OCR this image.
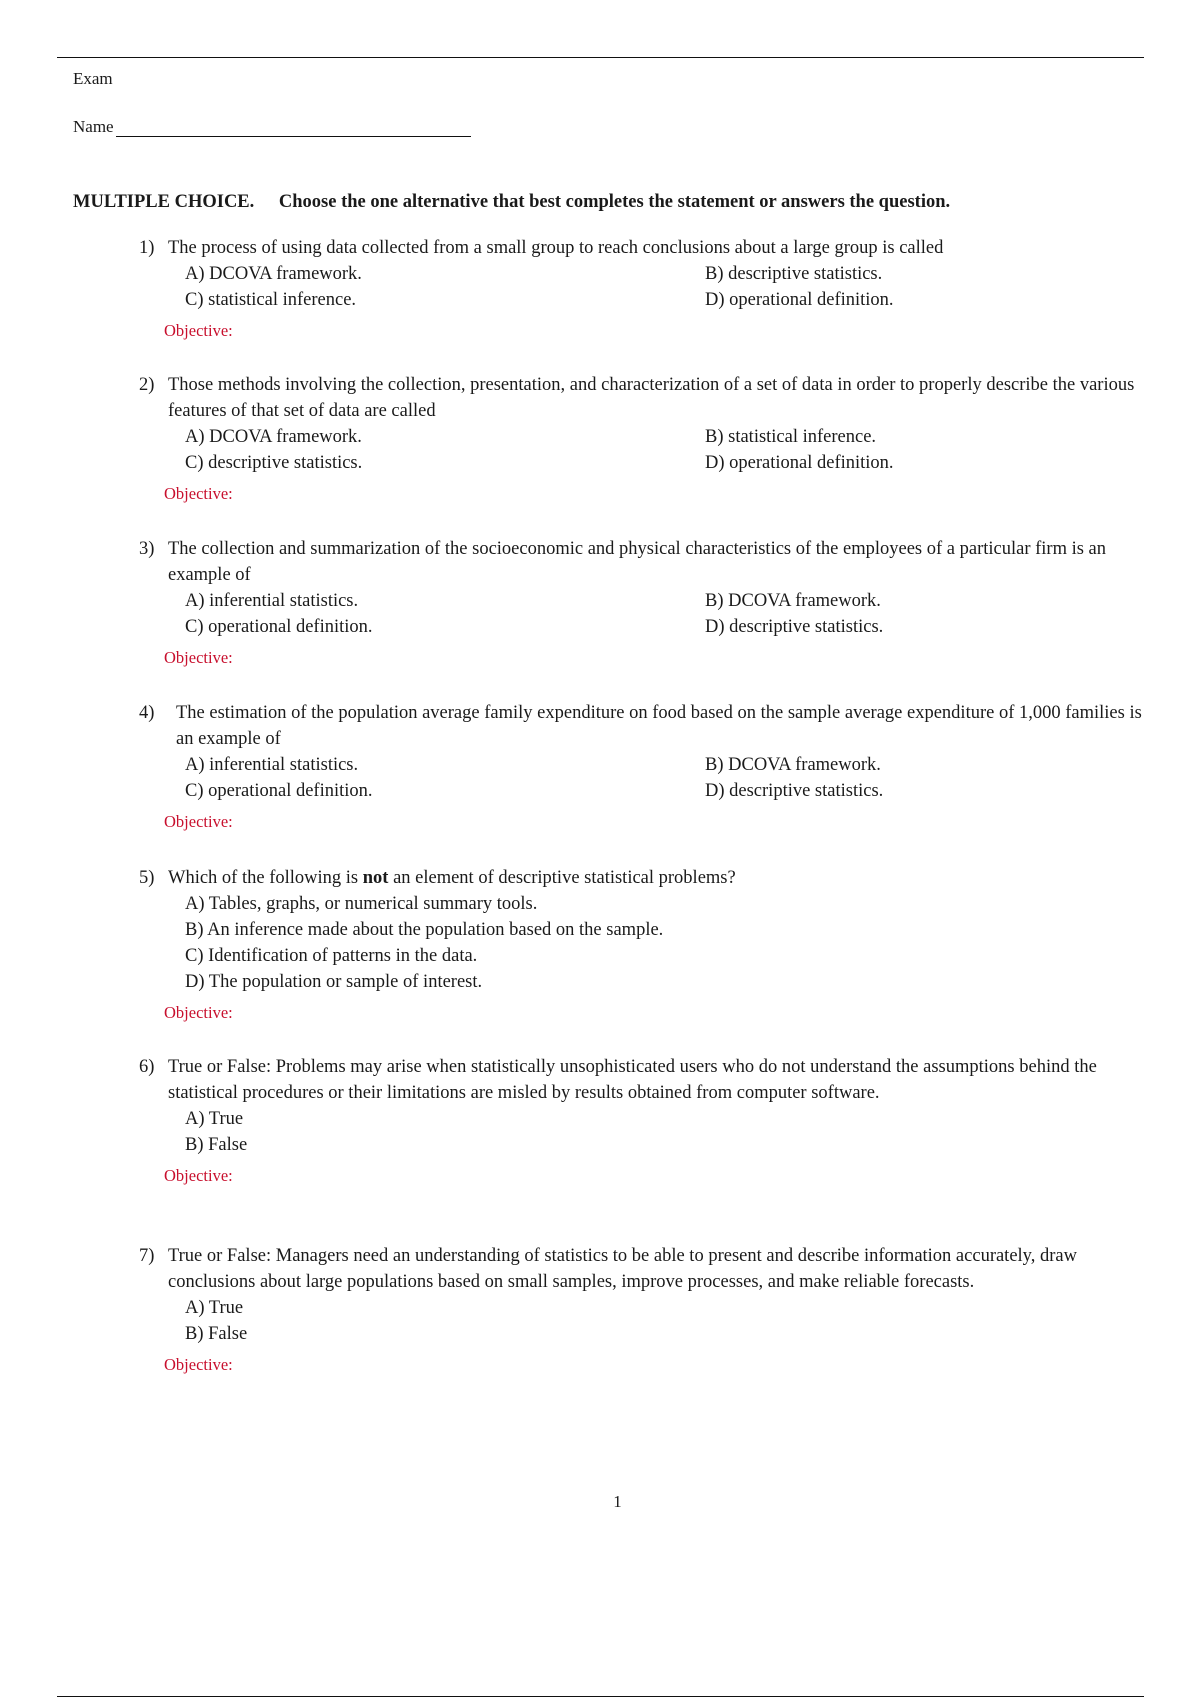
Exam
Name
MULTIPLE CHOICE. Choose the one alternative that best completes the statement or answers the question.
1) The process of using data collected from a small group to reach conclusions about a large group is called
A) DCOVA framework.	B) descriptive statistics.
C) statistical inference.	D) operational definition.
Objective:
2) Those methods involving the collection, presentation, and characterization of a set of data in order to properly describe the various features of that set of data are called
A) DCOVA framework.	B) statistical inference.
C) descriptive statistics.	D) operational definition.
Objective:
3) The collection and summarization of the socioeconomic and physical characteristics of the employees of a particular firm is an example of
A) inferential statistics.	B) DCOVA framework.
C) operational definition.	D) descriptive statistics.
Objective:
4) The estimation of the population average family expenditure on food based on the sample average expenditure of 1,000 families is an example of
A) inferential statistics.	B) DCOVA framework.
C) operational definition.	D) descriptive statistics.
Objective:
5) Which of the following is not an element of descriptive statistical problems?
A) Tables, graphs, or numerical summary tools.
B) An inference made about the population based on the sample.
C) Identification of patterns in the data.
D) The population or sample of interest.
Objective:
6) True or False: Problems may arise when statistically unsophisticated users who do not understand the assumptions behind the statistical procedures or their limitations are misled by results obtained from computer software.
A) True
B) False
Objective:
7) True or False: Managers need an understanding of statistics to be able to present and describe information accurately, draw conclusions about large populations based on small samples, improve processes, and make reliable forecasts.
A) True
B) False
Objective:
1
